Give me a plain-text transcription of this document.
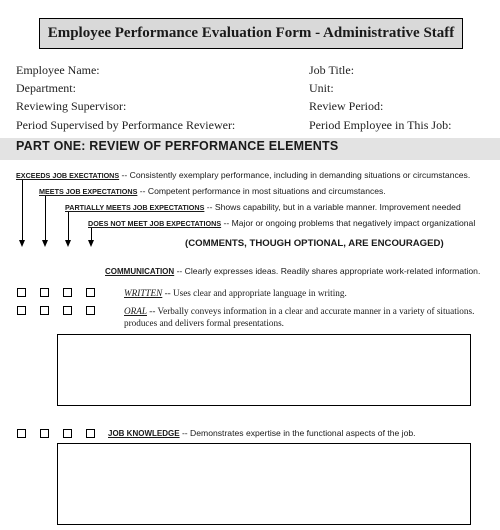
Employee Performance Evaluation Form - Administrative Staff
Employee Name:	Job Title:
Department:	Unit:
Reviewing Supervisor:	Review Period:
Period Supervised by Performance Reviewer:	Period Employee in This Job:
PART ONE: REVIEW OF PERFORMANCE ELEMENTS
EXCEEDS JOB EXECTATIONS -- Consistently exemplary performance, including in demanding situations or circumstances.
MEETS JOB EXPECTATIONS -- Competent performance in most situations and circumstances.
PARTIALLY MEETS JOB EXPECTATIONS -- Shows capability, but in a variable manner. Improvement needed
DOES NOT MEET JOB EXPECTATIONS -- Major or ongoing problems that negatively impact organizational
(COMMENTS, THOUGH OPTIONAL, ARE ENCOURAGED)
COMMUNICATION -- Clearly expresses ideas. Readily shares appropriate work-related information.
WRITTEN -- Uses clear and appropriate language in writing.
ORAL -- Verbally conveys information in a clear and accurate manner in a variety of situations.
produces and delivers formal presentations.
JOB KNOWLEDGE -- Demonstrates expertise in the functional aspects of the job.
